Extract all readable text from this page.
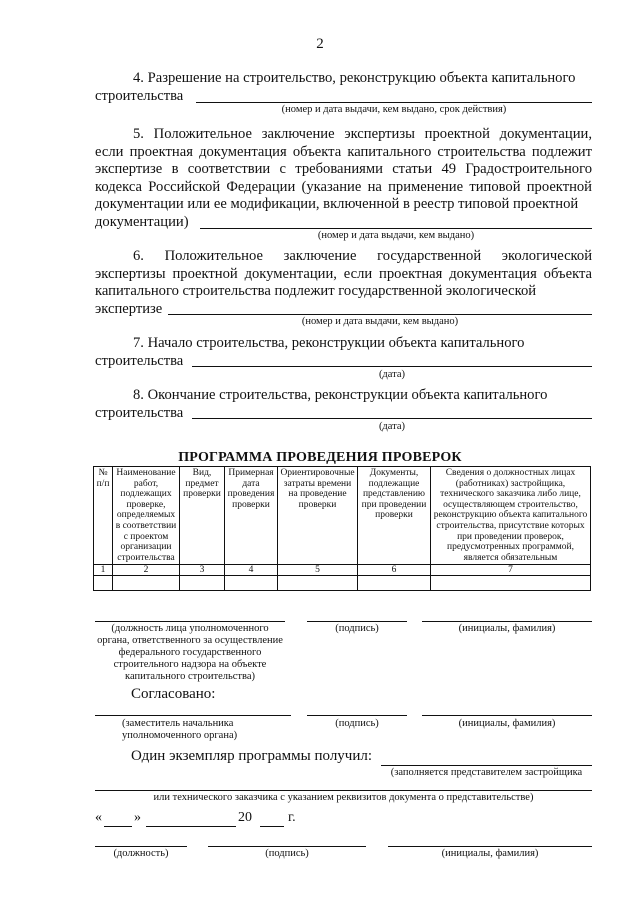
2
4. Разрешение на строительство, реконструкцию объекта капитального
строительства
(номер и дата выдачи, кем выдано, срок действия)
5. Положительное заключение экспертизы проектной документации, если проектная документация объекта капитального строительства подлежит экспертизе в соответствии с требованиями статьи 49 Градостроительного кодекса Российской Федерации (указание на применение типовой проектной документации или ее модификации, включенной в реестр типовой проектной
документации)
(номер и дата выдачи, кем выдано)
6. Положительное заключение государственной экологической экспертизы проектной документации, если проектная документация объекта капитального строительства подлежит государственной экологической
экспертизе
(номер и дата выдачи, кем выдано)
7. Начало строительства, реконструкции объекта капитального
строительства
(дата)
8. Окончание строительства, реконструкции объекта капитального
строительства
(дата)
ПРОГРАММА ПРОВЕДЕНИЯ ПРОВЕРОК
№ п/п	Наименование работ, подлежащих проверке, определяемых в соответствии с проектом организации строительства	Вид, предмет проверки	Примерная дата проведения проверки	Ориентировочные затраты времени на проведение проверки	Документы, подлежащие представлению при проведении проверки	Сведения о должностных лицах (работниках) застройщика, технического заказчика либо лице, осуществляющем строительство, реконструкцию объекта капитального строительства, присутствие которых при проведении проверок, предусмотренных программой, является обязательным
1	2	3	4	5	6	7

(должность лица уполномоченного органа, ответственного за осуществление федерального государственного строительного надзора на объекте капитального строительства)
(подпись)	(инициалы, фамилия)
Согласовано:
(заместитель начальника уполномоченного органа)
(подпись)	(инициалы, фамилия)
Один экземпляр программы получил:
(заполняется представителем застройщика
или технического заказчика с указанием реквизитов документа о представительстве)
« »	20	г.
(должность)	(подпись)	(инициалы, фамилия)
